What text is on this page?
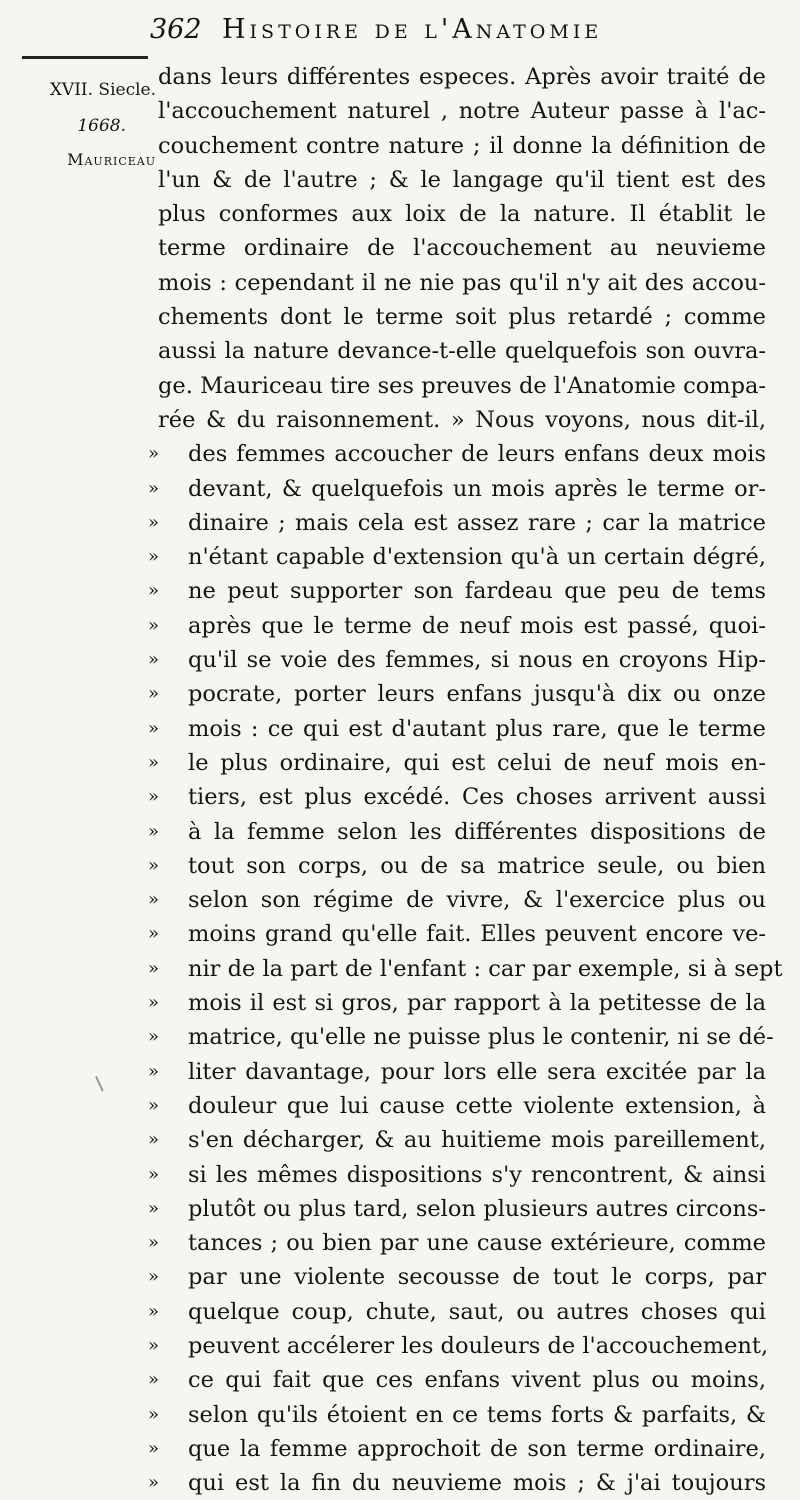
362 Histoire de l'Anatomie
XVII. Siecle.
1668.
Mauriceau
dans leurs différentes especes. Après avoir traité de
l'accouchement naturel , notre Auteur passe à l'ac-
couchement contre nature ; il donne la définition de
l'un & de l'autre ; & le langage qu'il tient est des
plus conformes aux loix de la nature. Il établit le
terme ordinaire de l'accouchement au neuvieme
mois : cependant il ne nie pas qu'il n'y ait des accou-
chements dont le terme soit plus retardé ; comme
aussi la nature devance-t-elle quelquefois son ouvra-
ge. Mauriceau tire ses preuves de l'Anatomie compa-
rée & du raisonnement. » Nous voyons, nous dit-il,
»	des femmes accoucher de leurs enfans deux mois
»	devant, & quelquefois un mois après le terme or-
»	dinaire ; mais cela est assez rare ; car la matrice
»	n'étant capable d'extension qu'à un certain dégré,
»	ne peut supporter son fardeau que peu de tems
»	après que le terme de neuf mois est passé, quoi-
»	qu'il se voie des femmes, si nous en croyons Hip-
»	pocrate, porter leurs enfans jusqu'à dix ou onze
»	mois : ce qui est d'autant plus rare, que le terme
»	le plus ordinaire, qui est celui de neuf mois en-
»	tiers, est plus excédé. Ces choses arrivent aussi
»	à la femme selon les différentes dispositions de
»	tout son corps, ou de sa matrice seule, ou bien
»	selon son régime de vivre, & l'exercice plus ou
»	moins grand qu'elle fait. Elles peuvent encore ve-
»	nir de la part de l'enfant : car par exemple, si à sept
»	mois il est si gros, par rapport à la petitesse de la
»	matrice, qu'elle ne puisse plus le contenir, ni se dé-
»	liter davantage, pour lors elle sera excitée par la
»	douleur que lui cause cette violente extension, à
»	s'en décharger, & au huitieme mois pareillement,
»	si les mêmes dispositions s'y rencontrent, & ainsi
»	plutôt ou plus tard, selon plusieurs autres circons-
»	tances ; ou bien par une cause extérieure, comme
»	par une violente secousse de tout le corps, par
»	quelque coup, chute, saut, ou autres choses qui
»	peuvent accélerer les douleurs de l'accouchement,
»	ce qui fait que ces enfans vivent plus ou moins,
»	selon qu'ils étoient en ce tems forts & parfaits, &
»	que la femme approchoit de son terme ordinaire,
»	qui est la fin du neuvieme mois ; & j'ai toujours
